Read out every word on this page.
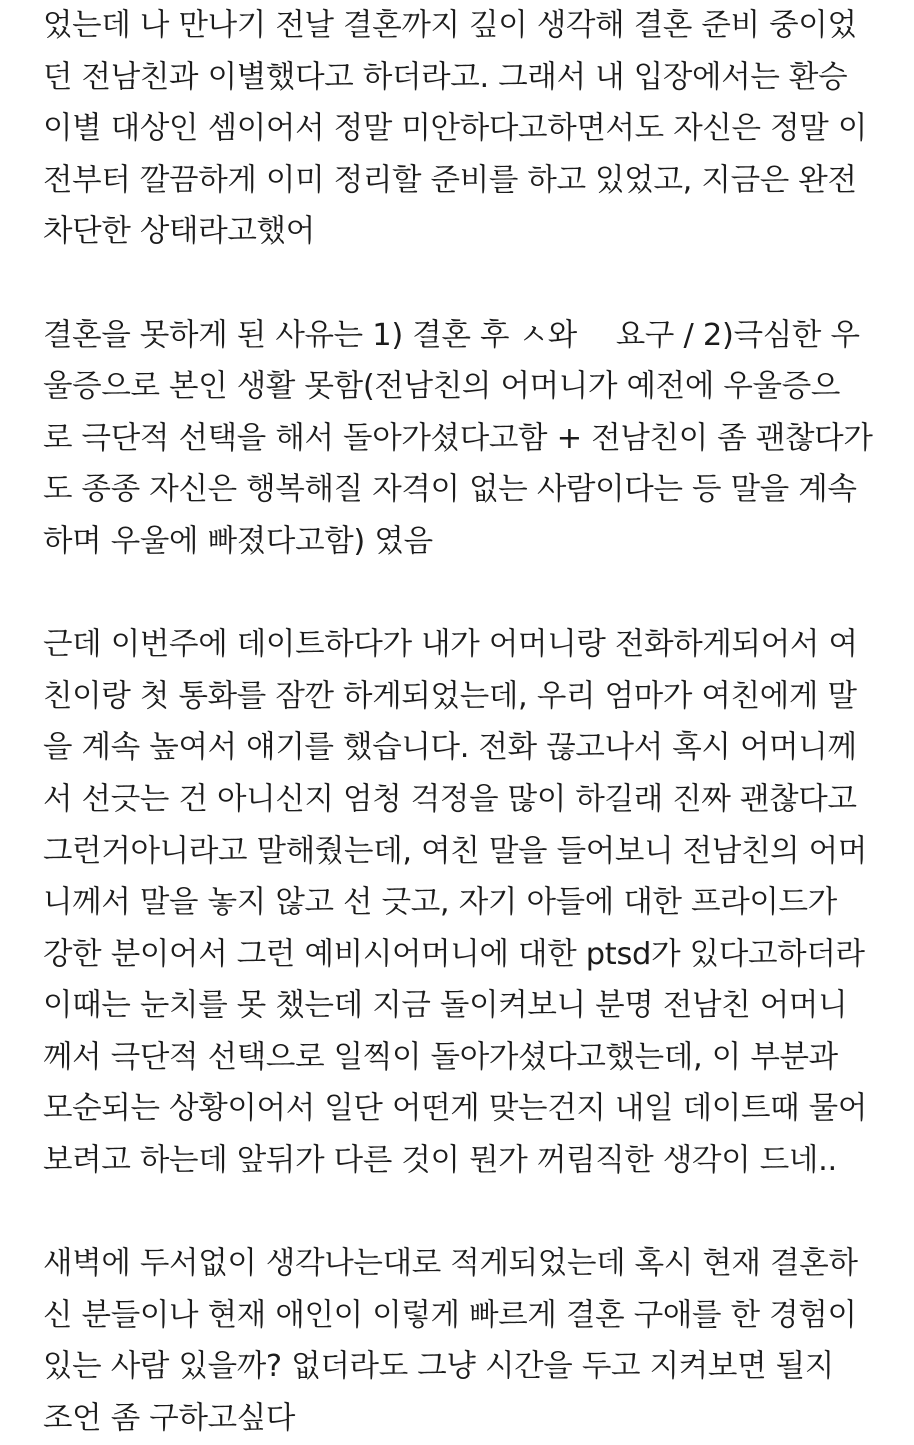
었는데 나 만나기 전날 결혼까지 깊이 생각해 결혼 준비 중이었
던 전남친과 이별했다고 하더라고. 그래서 내 입장에서는 환승
이별 대상인 셈이어서 정말 미안하다고하면서도 자신은 정말 이
전부터 깔끔하게 이미 정리할 준비를 하고 있었고, 지금은 완전
차단한 상태라고했어
결혼을 못하게 된 사유는 1) 결혼 후 ㅅ와ᅟ 요구 / 2)극심한 우
울증으로 본인 생활 못함(전남친의 어머니가 예전에 우울증으
로 극단적 선택을 해서 돌아가셨다고함 + 전남친이 좀 괜찮다가
도 종종 자신은 행복해질 자격이 없는 사람이다는 등 말을 계속
하며 우울에 빠졌다고함) 였음
근데 이번주에 데이트하다가 내가 어머니랑 전화하게되어서 여
친이랑 첫 통화를 잠깐 하게되었는데, 우리 엄마가 여친에게 말
을 계속 높여서 얘기를 했습니다. 전화 끊고나서 혹시 어머니께
서 선긋는 건 아니신지 엄청 걱정을 많이 하길래 진짜 괜찮다고
그런거아니라고 말해줬는데, 여친 말을 들어보니 전남친의 어머
니께서 말을 놓지 않고 선 긋고, 자기 아들에 대한 프라이드가
강한 분이어서 그런 예비시어머니에 대한 ptsd가 있다고하더라
이때는 눈치를 못 챘는데 지금 돌이켜보니 분명 전남친 어머니
께서 극단적 선택으로 일찍이 돌아가셨다고했는데, 이 부분과
모순되는 상황이어서 일단 어떤게 맞는건지 내일 데이트때 물어
보려고 하는데 앞뒤가 다른 것이 뭔가 꺼림직한 생각이 드네..
새벽에 두서없이 생각나는대로 적게되었는데 혹시 현재 결혼하
신 분들이나 현재 애인이 이렇게 빠르게 결혼 구애를 한 경험이
있는 사람 있을까? 없더라도 그냥 시간을 두고 지켜보면 될지
조언 좀 구하고싶다
